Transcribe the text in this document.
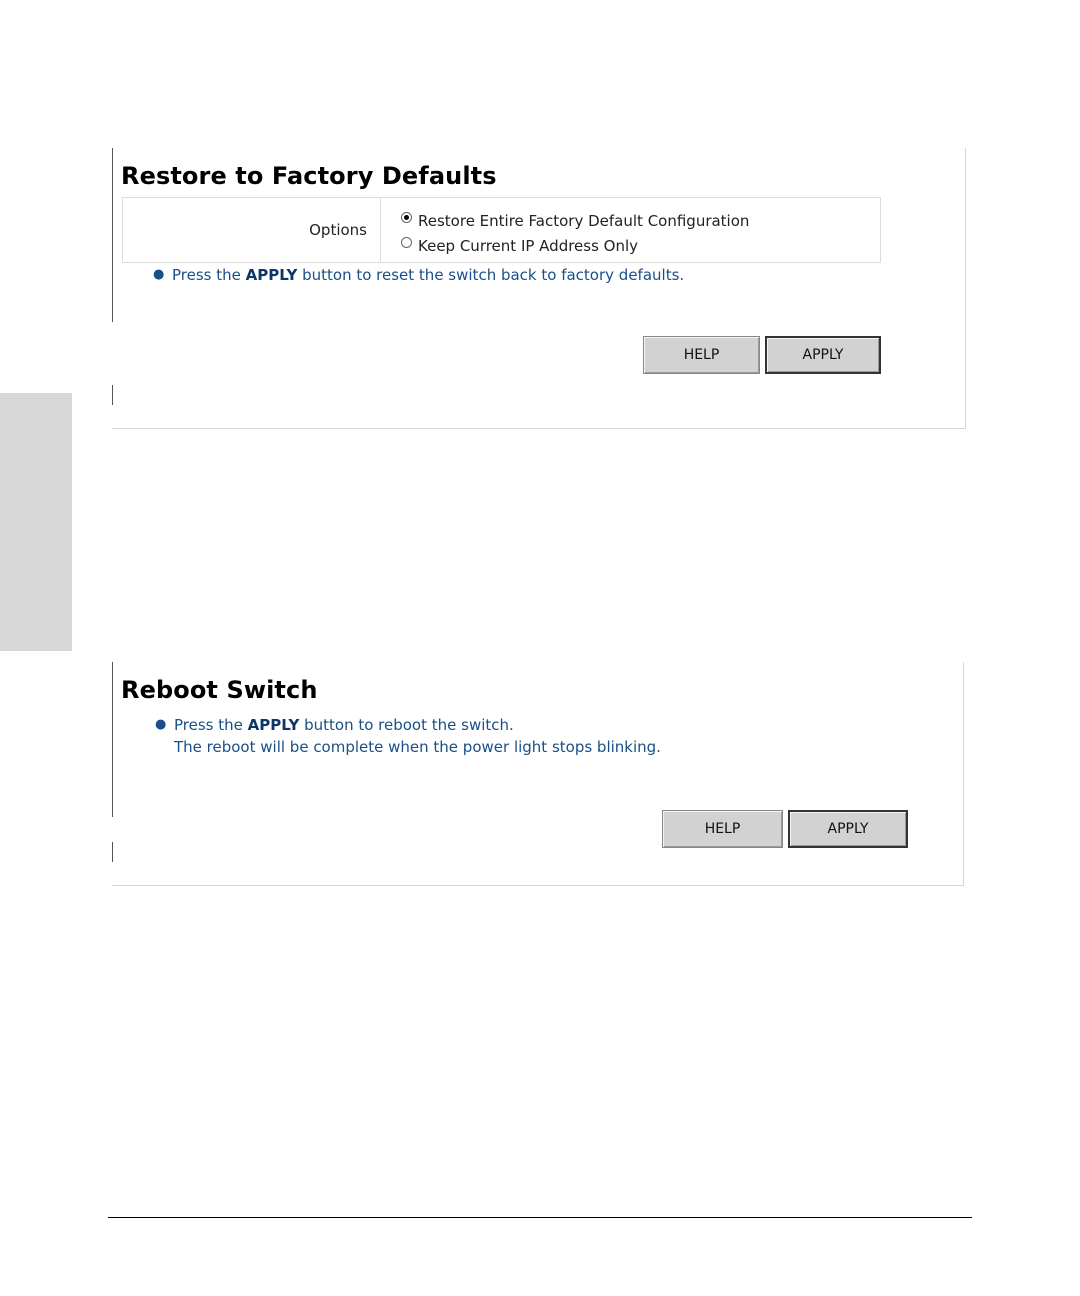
Restore to Factory Defaults
Options
Restore Entire Factory Default Configuration
Keep Current IP Address Only
● Press the APPLY button to reset the switch back to factory defaults.
HELP	APPLY
Reboot Switch
● Press the APPLY button to reboot the switch.
The reboot will be complete when the power light stops blinking.
HELP	APPLY
